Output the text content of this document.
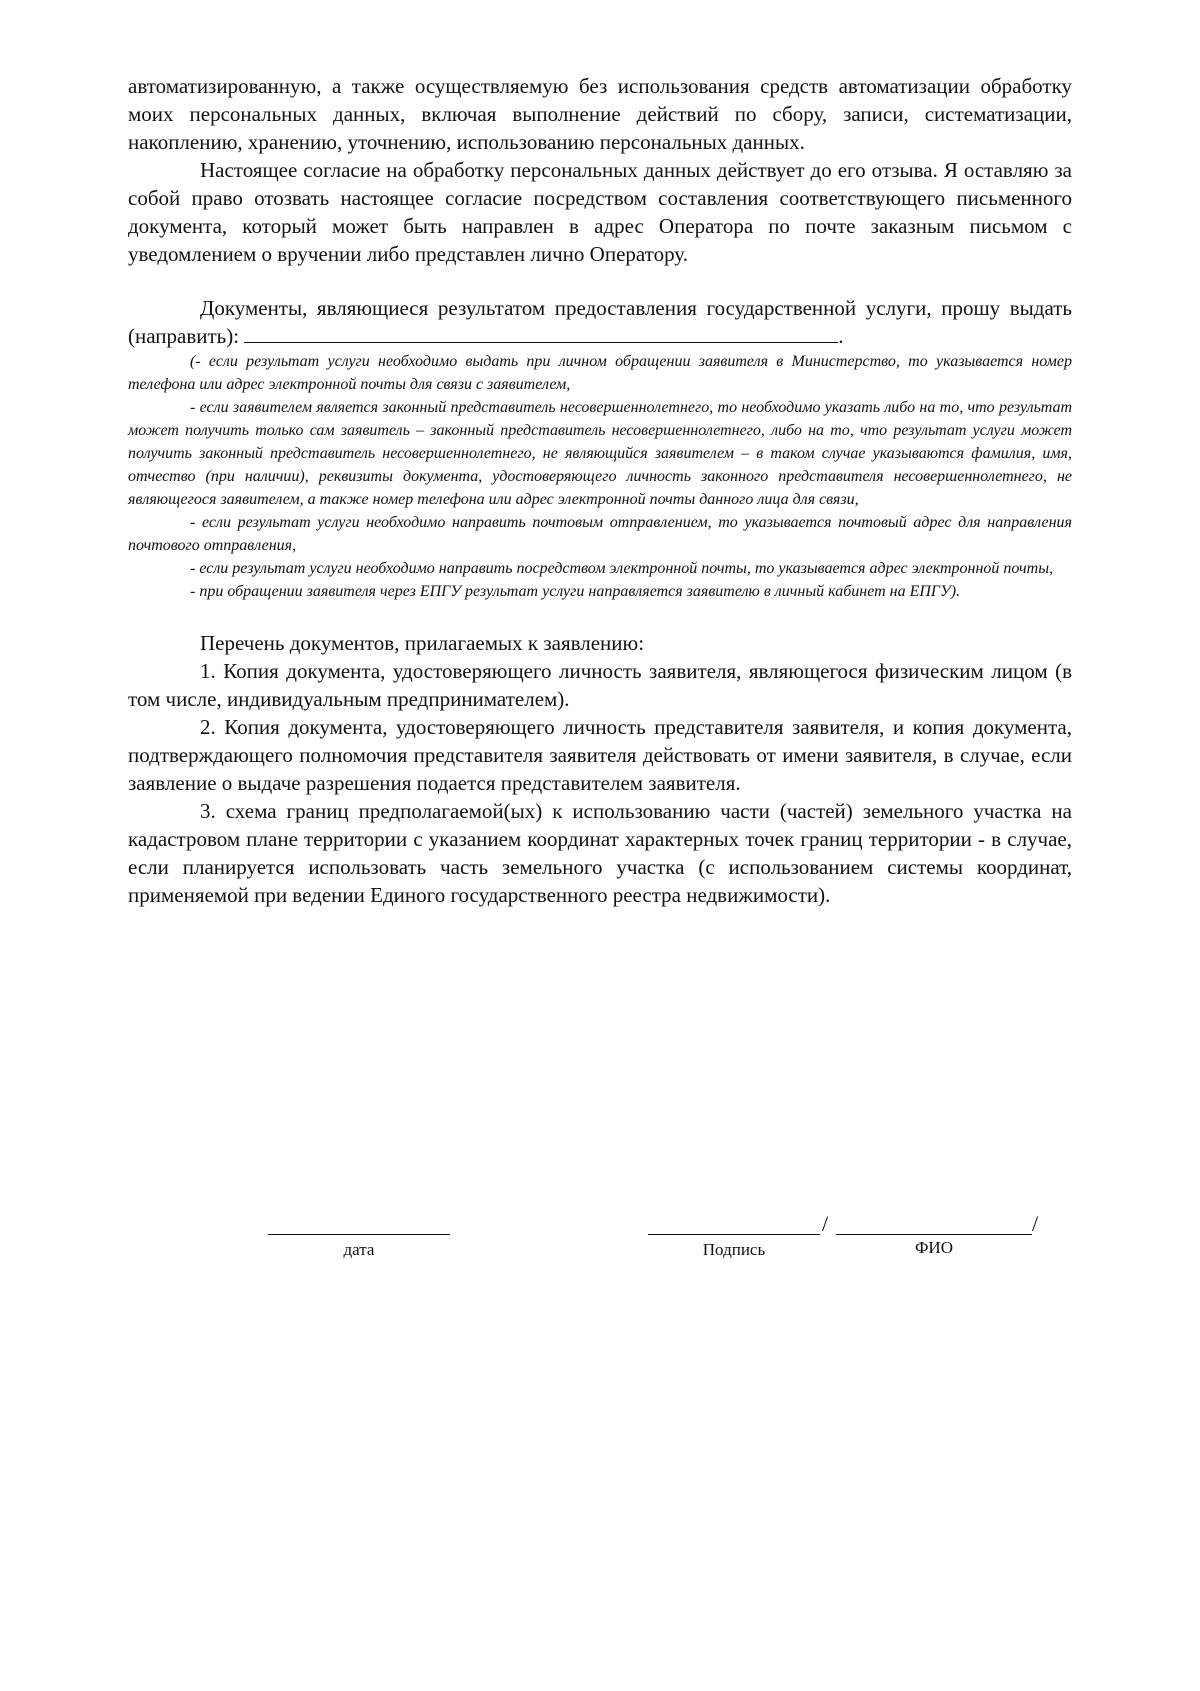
автоматизированную, а также осуществляемую без использования средств автоматизации обработку моих персональных данных, включая выполнение действий по сбору, записи, систематизации, накоплению, хранению, уточнению, использованию персональных данных.

Настоящее согласие на обработку персональных данных действует до его отзыва. Я оставляю за собой право отозвать настоящее согласие посредством составления соответствующего письменного документа, который может быть направлен в адрес Оператора по почте заказным письмом с уведомлением о вручении либо представлен лично Оператору.

Документы, являющиеся результатом предоставления государственной услуги, прошу выдать (направить):	.

(- если результат услуги необходимо выдать при личном обращении заявителя в Министерство, то указывается номер телефона или адрес электронной почты для связи с заявителем,

- если заявителем является законный представитель несовершеннолетнего, то необходимо указать либо на то, что результат может получить только сам заявитель – законный представитель несовершеннолетнего, либо на то, что результат услуги может получить законный представитель несовершеннолетнего, не являющийся заявителем – в таком случае указываются фамилия, имя, отчество (при наличии), реквизиты документа, удостоверяющего личность законного представителя несовершеннолетнего, не являющегося заявителем, а также номер телефона или адрес электронной почты данного лица для связи,

- если результат услуги необходимо направить почтовым отправлением, то указывается почтовый адрес для направления почтового отправления,

- если результат услуги необходимо направить посредством электронной почты, то указывается адрес электронной почты,

- при обращении заявителя через ЕПГУ результат услуги направляется заявителю в личный кабинет на ЕПГУ).

Перечень документов, прилагаемых к заявлению:

1. Копия документа, удостоверяющего личность заявителя, являющегося физическим лицом (в том числе, индивидуальным предпринимателем).

2. Копия документа, удостоверяющего личность представителя заявителя, и копия документа, подтверждающего полномочия представителя заявителя действовать от имени заявителя, в случае, если заявление о выдаче разрешения подается представителем заявителя.

3. схема границ предполагаемой(ых) к использованию части (частей) земельного участка на кадастровом плане территории с указанием координат характерных точек границ территории - в случае, если планируется использовать часть земельного участка (с использованием системы координат, применяемой при ведении Единого государственного реестра недвижимости).

дата
/
Подпись
/
ФИО
